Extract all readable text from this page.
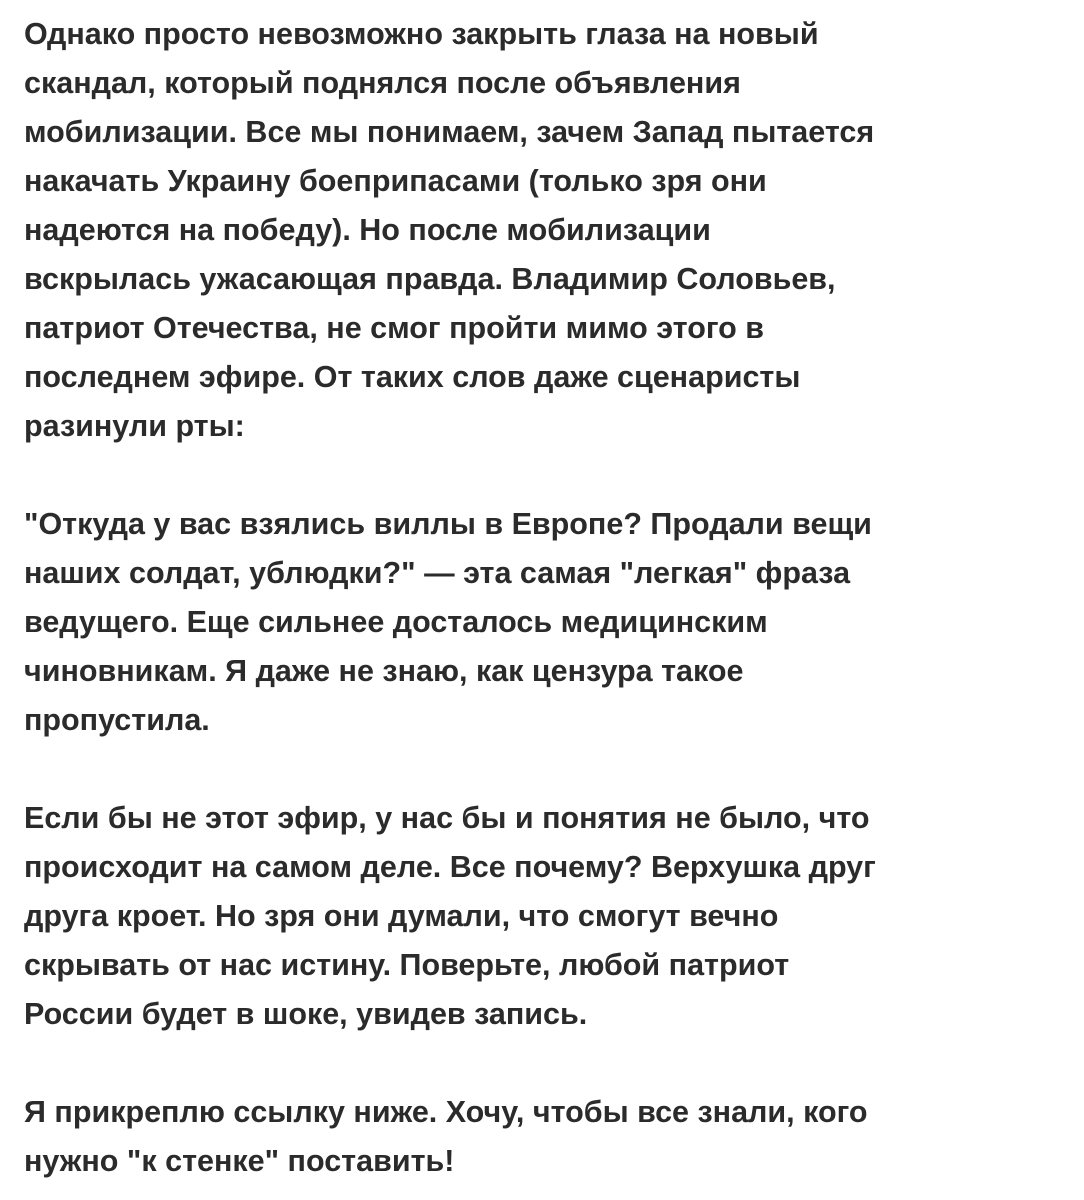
Однако просто невозможно закрыть глаза на новый
скандал, который поднялся после объявления
мобилизации. Все мы понимаем, зачем Запад пытается
накачать Украину боеприпасами (только зря они
надеются на победу). Но после мобилизации
вскрылась ужасающая правда. Владимир Соловьев,
патриот Отечества, не смог пройти мимо этого в
последнем эфире. От таких слов даже сценаристы
разинули рты:
"Откуда у вас взялись виллы в Европе? Продали вещи
наших солдат, ублюдки?" — эта самая "легкая" фраза
ведущего. Еще сильнее досталось медицинским
чиновникам. Я даже не знаю, как цензура такое
пропустила.
Если бы не этот эфир, у нас бы и понятия не было, что
происходит на самом деле. Все почему? Верхушка друг
друга кроет. Но зря они думали, что смогут вечно
скрывать от нас истину. Поверьте, любой патриот
России будет в шоке, увидев запись.
Я прикреплю ссылку ниже. Хочу, чтобы все знали, кого
нужно "к стенке" поставить!
